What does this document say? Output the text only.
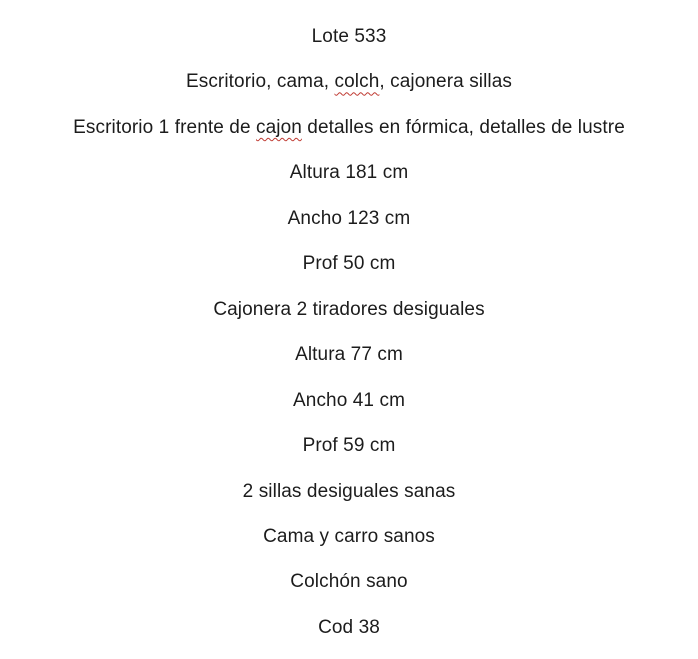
Lote 533

Escritorio, cama, colch, cajonera sillas

Escritorio 1 frente de cajon detalles en fórmica, detalles de lustre

Altura 181 cm

Ancho 123 cm

Prof 50 cm

Cajonera 2 tiradores desiguales

Altura 77 cm

Ancho 41 cm

Prof 59 cm

2 sillas desiguales sanas

Cama y carro sanos

Colchón sano

Cod 38
